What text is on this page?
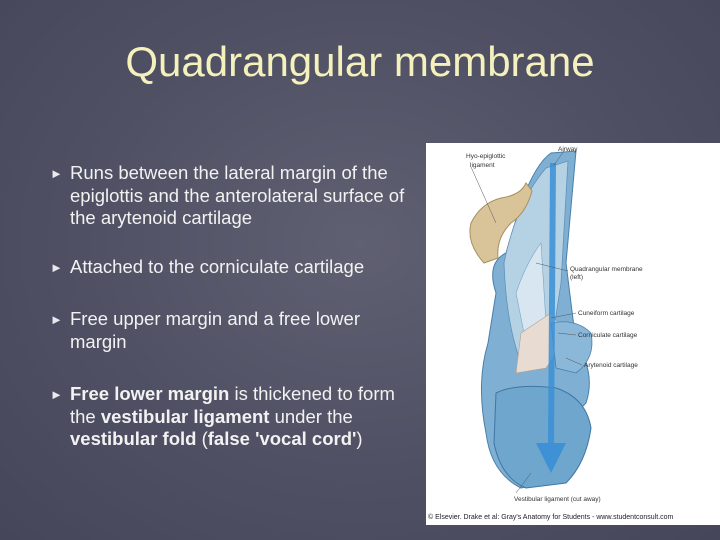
Quadrangular membrane
► Runs between the lateral margin of the epiglottis and the anterolateral surface of the arytenoid cartilage
► Attached to the corniculate cartilage
► Free upper margin and a free lower margin
► Free lower margin is thickened to form the vestibular ligament under the vestibular fold (false 'vocal cord')
Hyo-epiglottic
ligament
Airway
Quadrangular membrane
(left)
Cuneiform cartilage
Corniculate cartilage
Arytenoid cartilage
Vestibular ligament (cut away)
© Elsevier. Drake et al: Gray's Anatomy for Students - www.studentconsult.com
